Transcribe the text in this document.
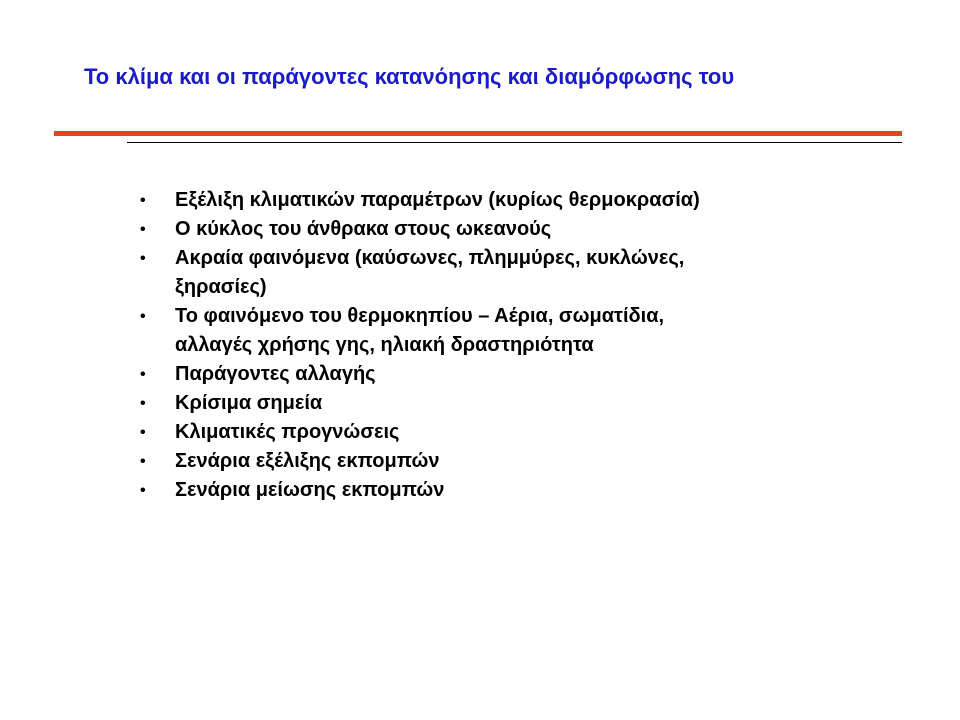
Το κλίμα και οι παράγοντες κατανόησης και διαμόρφωσης του
• Εξέλιξη κλιματικών παραμέτρων (κυρίως θερμοκρασία)
• Ο κύκλος του άνθρακα στους ωκεανούς
• Ακραία φαινόμενα (καύσωνες, πλημμύρες, κυκλώνες,
ξηρασίες)
• Το φαινόμενο του θερμοκηπίου – Αέρια, σωματίδια,
αλλαγές χρήσης γης, ηλιακή δραστηριότητα
• Παράγοντες αλλαγής
• Κρίσιμα σημεία
• Κλιματικές προγνώσεις
• Σενάρια εξέλιξης εκπομπών
• Σενάρια μείωσης εκπομπών
